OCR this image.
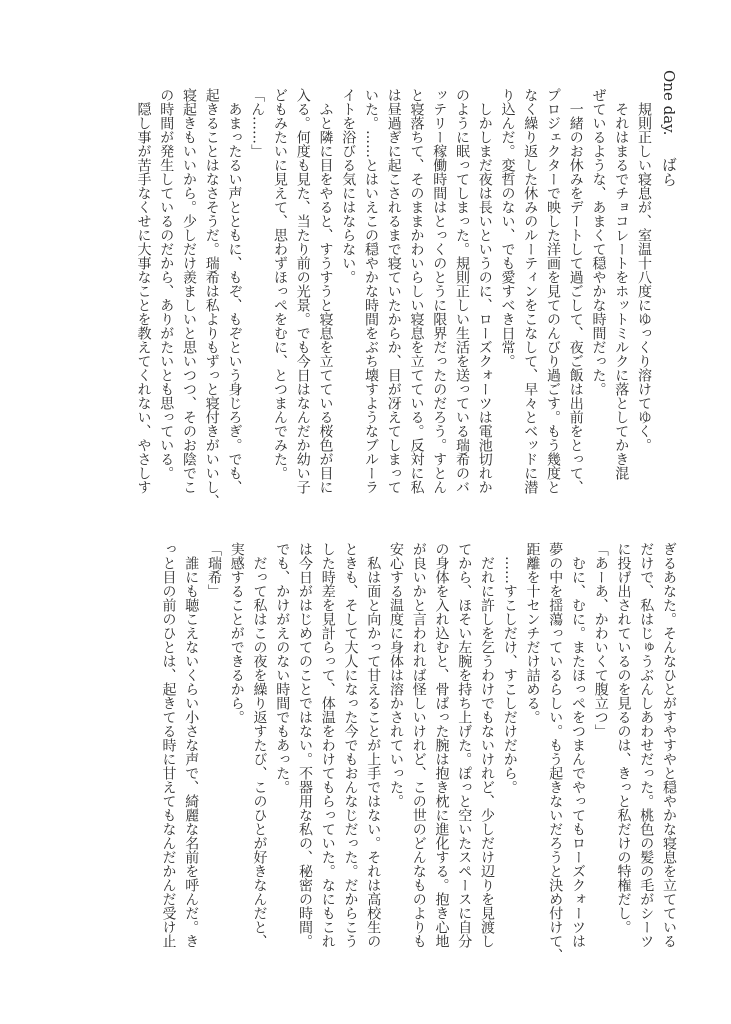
One day.ばら
　規則正しい寝息が、室温十八度にゆっくり溶けてゆく。
　それはまるでチョコレートをホットミルクに落としてかき混
ぜているような、あまくて穏やかな時間だった。
　一緒のお休みをデートして過ごして、夜ご飯は出前をとって、
プロジェクターで映した洋画を見てのんびり過ごす。もう幾度と
なく繰り返した休みのルーティンをこなして、早々とベッドに潜
り込んだ。変哲のない、でも愛すべき日常。
　しかしまだ夜は長いというのに、ローズクォーツは電池切れか
のように眠ってしまった。規則正しい生活を送っている瑞希のバ
ッテリー稼働時間はとっくのとうに限界だったのだろう。すとん
と寝落ちて、そのままかわいらしい寝息を立てている。反対に私
は昼過ぎに起こされるまで寝ていたからか、目が冴えてしまって
いた。……とはいえこの穏やかな時間をぶち壊すようなブルーラ
イトを浴びる気にはならない。
　ふと隣に目をやると、すうすうと寝息を立てている桜色が目に
入る。何度も見た、当たり前の光景。でも今日はなんだか幼い子
どもみたいに見えて、思わずほっぺをむに、とつまんでみた。
「ん……」
　あまったるい声とともに、もぞ、もぞという身じろぎ。でも、
起きることはなさそうだ。瑞希は私よりもずっと寝付きがいいし、
寝起きもいいから。少しだけ羨ましいと思いつつ、そのお陰でこ
の時間が発生しているのだから、ありがたいとも思っている。
　隠し事が苦手なくせに大事なことを教えてくれない、やさしす
ぎるあなた。そんなひとがすやすやと穏やかな寝息を立てている
だけで、私はじゅうぶんしあわせだった。桃色の髪の毛がシーツ
に投げ出されているのを見るのは、きっと私だけの特権だし。
「あーあ、かわいくて腹立つ」
　むに、むに。またほっぺをつまんでやってもローズクォーツは
夢の中を揺蕩っているらしい。もう起きないだろうと決め付けて、
距離を十センチだけ詰める。
　……すこしだけ、すこしだけだから。
　だれに許しを乞うわけでもないけれど、少しだけ辺りを見渡し
てから、ほそい左腕を持ち上げた。ぽっと空いたスペースに自分
の身体を入れ込むと、骨ばった腕は抱き枕に進化する。抱き心地
が良いかと言われれば怪しいけれど、この世のどんなものよりも
安心する温度に身体は溶かされていった。
　私は面と向かって甘えることが上手ではない。それは高校生の
ときも、そして大人になった今でもおんなじだった。だからこう
した時差を見計らって、体温をわけてもらっていた。なにもこれ
は今日がはじめてのことではない。不器用な私の、秘密の時間。
でも、かけがえのない時間でもあった。
　だって私はこの夜を繰り返すたび、このひとが好きなんだと、
実感することができるから。
「瑞希」
　誰にも聴こえないくらい小さな声で、綺麗な名前を呼んだ。き
っと目の前のひとは、起きてる時に甘えてもなんだかんだ受け止
